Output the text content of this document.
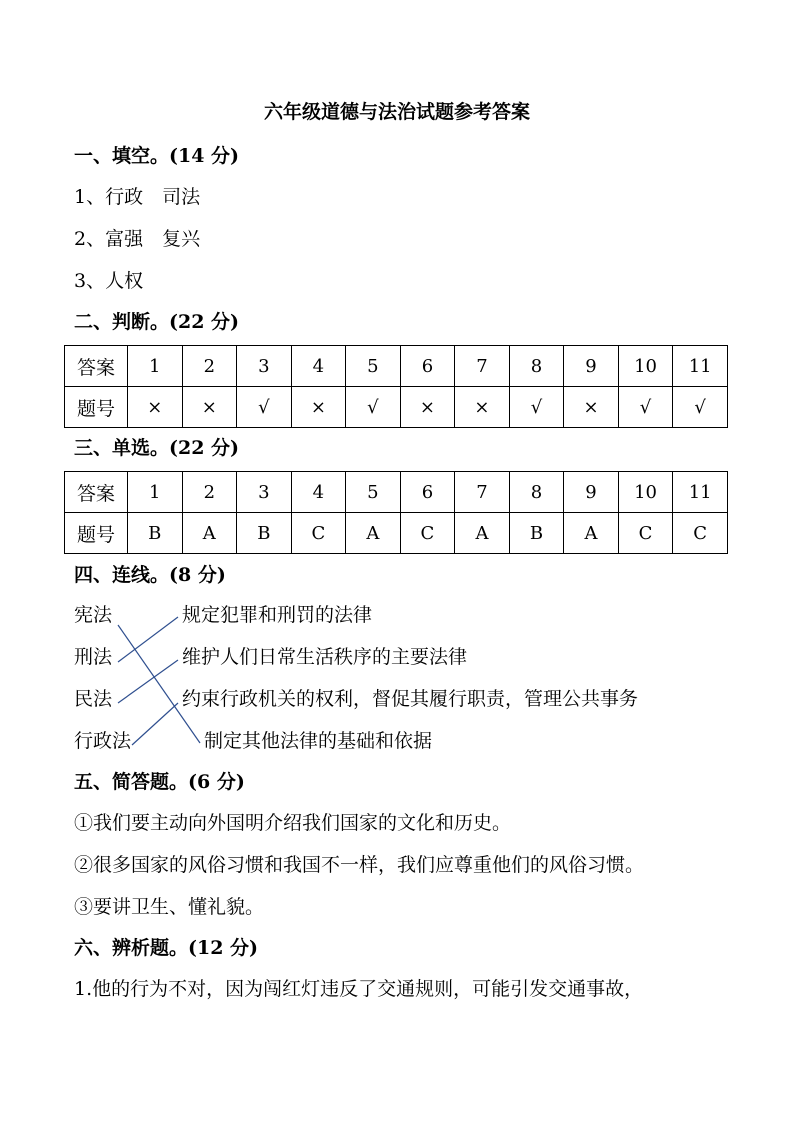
六年级道德与法治试题参考答案
一、填空。(14 分)
1、行政　司法
2、富强　复兴
3、人权
二、判断。(22 分)
答案	1	2	3	4	5	6	7	8	9	10	11
题号	×	×	√	×	√	×	×	√	×	√	√
三、单选。(22 分)
答案	1	2	3	4	5	6	7	8	9	10	11
题号	B	A	B	C	A	C	A	B	A	C	C
四、连线。(8 分)
宪法
刑法
民法
行政法
规定犯罪和刑罚的法律
维护人们日常生活秩序的主要法律
约束行政机关的权利，督促其履行职责，管理公共事务
制定其他法律的基础和依据
五、简答题。(6 分)
①我们要主动向外国明介绍我们国家的文化和历史。
②很多国家的风俗习惯和我国不一样，我们应尊重他们的风俗习惯。
③要讲卫生、懂礼貌。
六、辨析题。(12 分)
1.他的行为不对，因为闯红灯违反了交通规则，可能引发交通事故，
